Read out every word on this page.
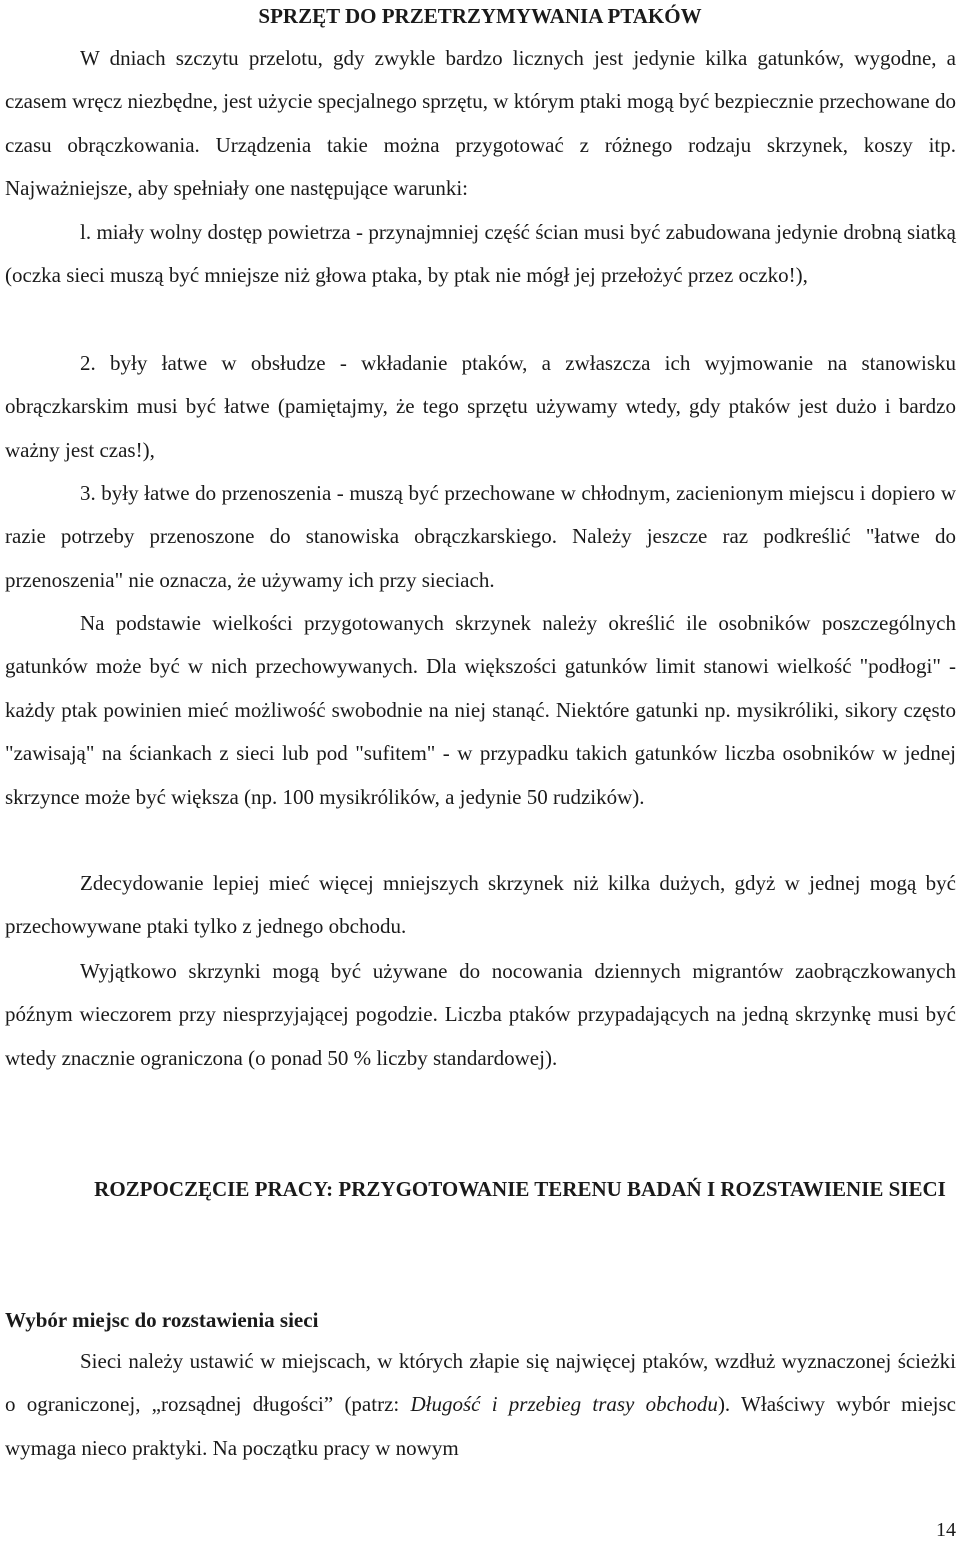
SPRZĘT DO PRZETRZYMYWANIA PTAKÓW

W dniach szczytu przelotu, gdy zwykle bardzo licznych jest jedynie kilka gatunków, wygodne, a czasem wręcz niezbędne, jest użycie specjalnego sprzętu, w którym ptaki mogą być bezpiecznie przechowane do czasu obrączkowania. Urządzenia takie można przygotować z różnego rodzaju skrzynek, koszy itp. Najważniejsze, aby spełniały one następujące warunki:

l. miały wolny dostęp powietrza - przynajmniej część ścian musi być zabudowana jedynie drobną siatką (oczka sieci muszą być mniejsze niż głowa ptaka, by ptak nie mógł jej przełożyć przez oczko!),

2. były łatwe w obsłudze - wkładanie ptaków, a zwłaszcza ich wyjmowanie na stanowisku obrączkarskim musi być łatwe (pamiętajmy, że tego sprzętu używamy wtedy, gdy ptaków jest dużo i bardzo ważny jest czas!),

3. były łatwe do przenoszenia - muszą być przechowane w chłodnym, zacienionym miejscu i dopiero w razie potrzeby przenoszone do stanowiska obrączkarskiego. Należy jeszcze raz podkreślić "łatwe do przenoszenia" nie oznacza, że używamy ich przy sieciach.

Na podstawie wielkości przygotowanych skrzynek należy określić ile osobników poszczególnych gatunków może być w nich przechowywanych. Dla większości gatunków limit stanowi wielkość "podłogi" - każdy ptak powinien mieć możliwość swobodnie na niej stanąć. Niektóre gatunki np. mysikróliki, sikory często "zawisają" na ściankach z sieci lub pod "sufitem" - w przypadku takich gatunków liczba osobników w jednej skrzynce może być większa (np. 100 mysikrólików, a jedynie 50 rudzików).

Zdecydowanie lepiej mieć więcej mniejszych skrzynek niż kilka dużych, gdyż w jednej mogą być przechowywane ptaki tylko z jednego obchodu.

Wyjątkowo skrzynki mogą być używane do nocowania dziennych migrantów zaobrączkowanych późnym wieczorem przy niesprzyjającej pogodzie. Liczba ptaków przypadających na jedną skrzynkę musi być wtedy znacznie ograniczona (o ponad 50 % liczby standardowej).

ROZPOCZĘCIE PRACY: PRZYGOTOWANIE TERENU BADAŃ I ROZSTAWIENIE SIECI

Wybór miejsc do rozstawienia sieci

Sieci należy ustawić w miejscach, w których złapie się najwięcej ptaków, wzdłuż wyznaczonej ścieżki o ograniczonej, „rozsądnej długości” (patrz: Długość i przebieg trasy obchodu). Właściwy wybór miejsc wymaga nieco praktyki. Na początku pracy w nowym

14
